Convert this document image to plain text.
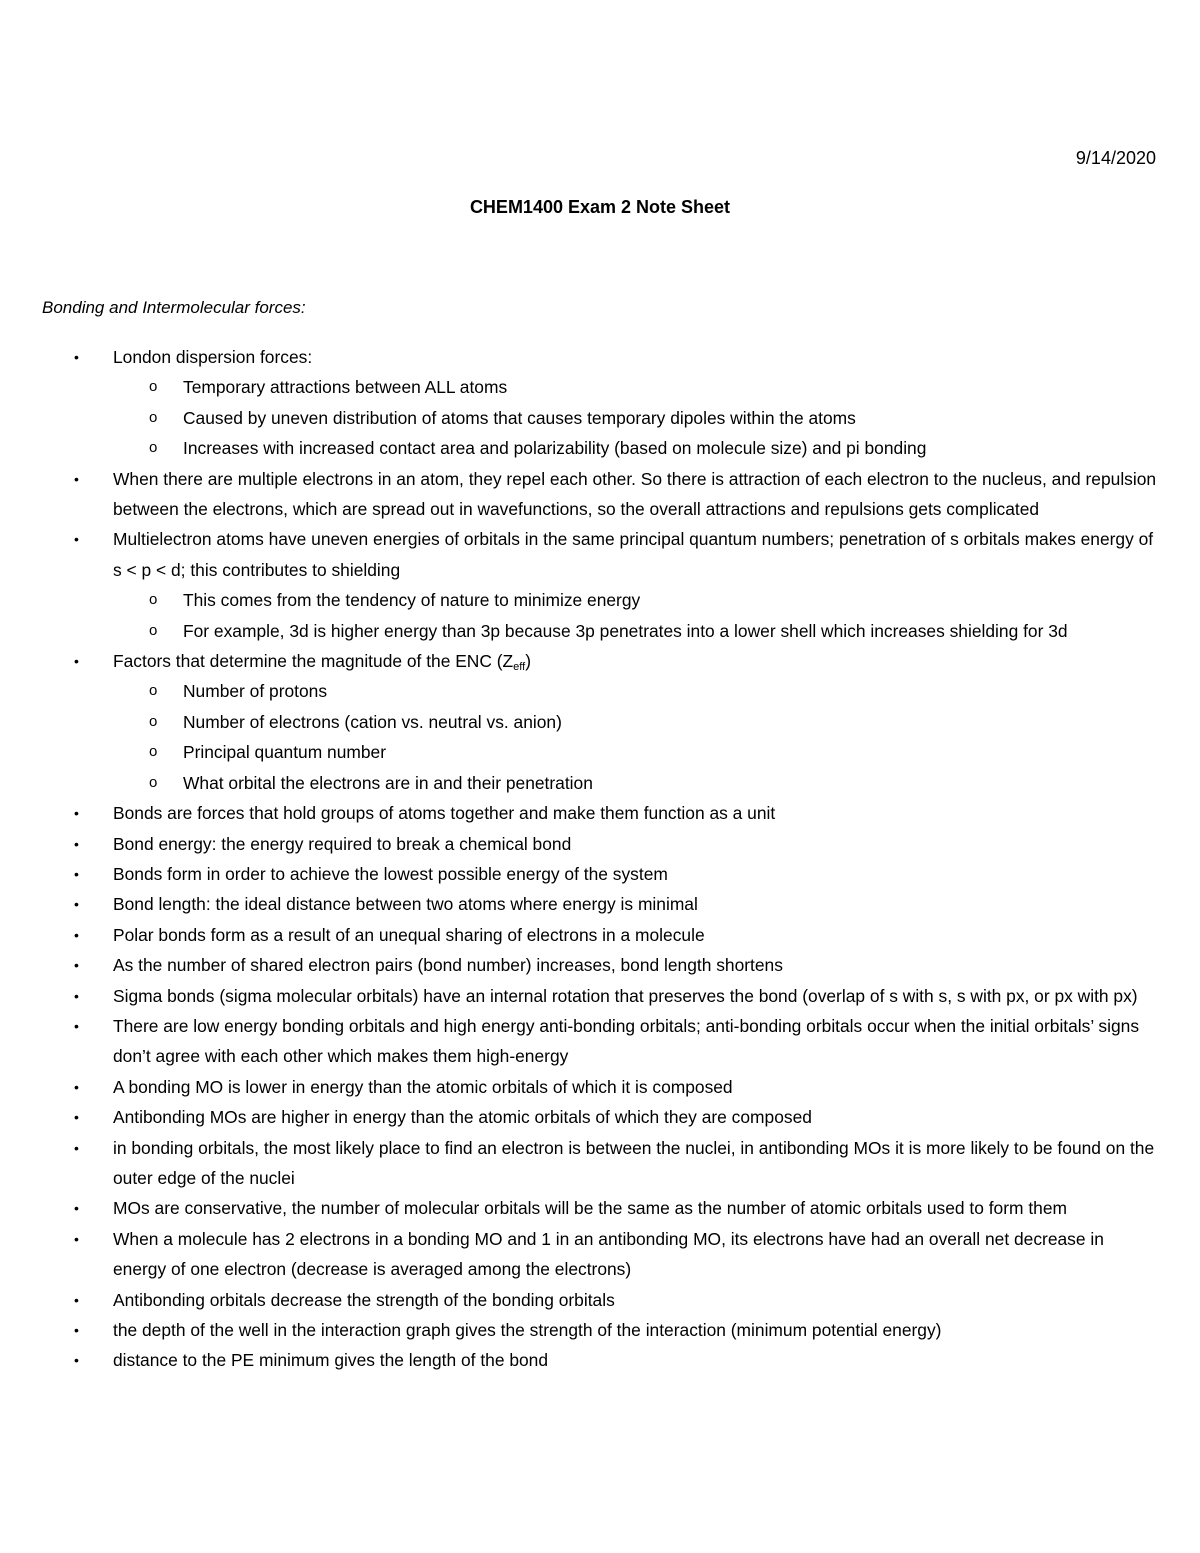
9/14/2020
CHEM1400 Exam 2 Note Sheet
Bonding and Intermolecular forces:
• London dispersion forces:
o Temporary attractions between ALL atoms
o Caused by uneven distribution of atoms that causes temporary dipoles within the atoms
o Increases with increased contact area and polarizability (based on molecule size) and pi bonding
• When there are multiple electrons in an atom, they repel each other. So there is attraction of each electron to the nucleus, and repulsion between the electrons, which are spread out in wavefunctions, so the overall attractions and repulsions gets complicated
• Multielectron atoms have uneven energies of orbitals in the same principal quantum numbers; penetration of s orbitals makes energy of s < p < d; this contributes to shielding
o This comes from the tendency of nature to minimize energy
o For example, 3d is higher energy than 3p because 3p penetrates into a lower shell which increases shielding for 3d
• Factors that determine the magnitude of the ENC $(Z_{eff})$
o Number of protons
o Number of electrons (cation vs. neutral vs. anion)
o Principal quantum number
o What orbital the electrons are in and their penetration
• Bonds are forces that hold groups of atoms together and make them function as a unit
• Bond energy: the energy required to break a chemical bond
• Bonds form in order to achieve the lowest possible energy of the system
• Bond length: the ideal distance between two atoms where energy is minimal
• Polar bonds form as a result of an unequal sharing of electrons in a molecule
• As the number of shared electron pairs (bond number) increases, bond length shortens
• Sigma bonds (sigma molecular orbitals) have an internal rotation that preserves the bond (overlap of s with s, s with px, or px with px)
• There are low energy bonding orbitals and high energy anti-bonding orbitals; anti-bonding orbitals occur when the initial orbitals’ signs don’t agree with each other which makes them high-energy
• A bonding MO is lower in energy than the atomic orbitals of which it is composed
• Antibonding MOs are higher in energy than the atomic orbitals of which they are composed
• in bonding orbitals, the most likely place to find an electron is between the nuclei, in antibonding MOs it is more likely to be found on the outer edge of the nuclei
• MOs are conservative, the number of molecular orbitals will be the same as the number of atomic orbitals used to form them
• When a molecule has 2 electrons in a bonding MO and 1 in an antibonding MO, its electrons have had an overall net decrease in energy of one electron (decrease is averaged among the electrons)
• Antibonding orbitals decrease the strength of the bonding orbitals
• the depth of the well in the interaction graph gives the strength of the interaction (minimum potential energy)
• distance to the PE minimum gives the length of the bond
